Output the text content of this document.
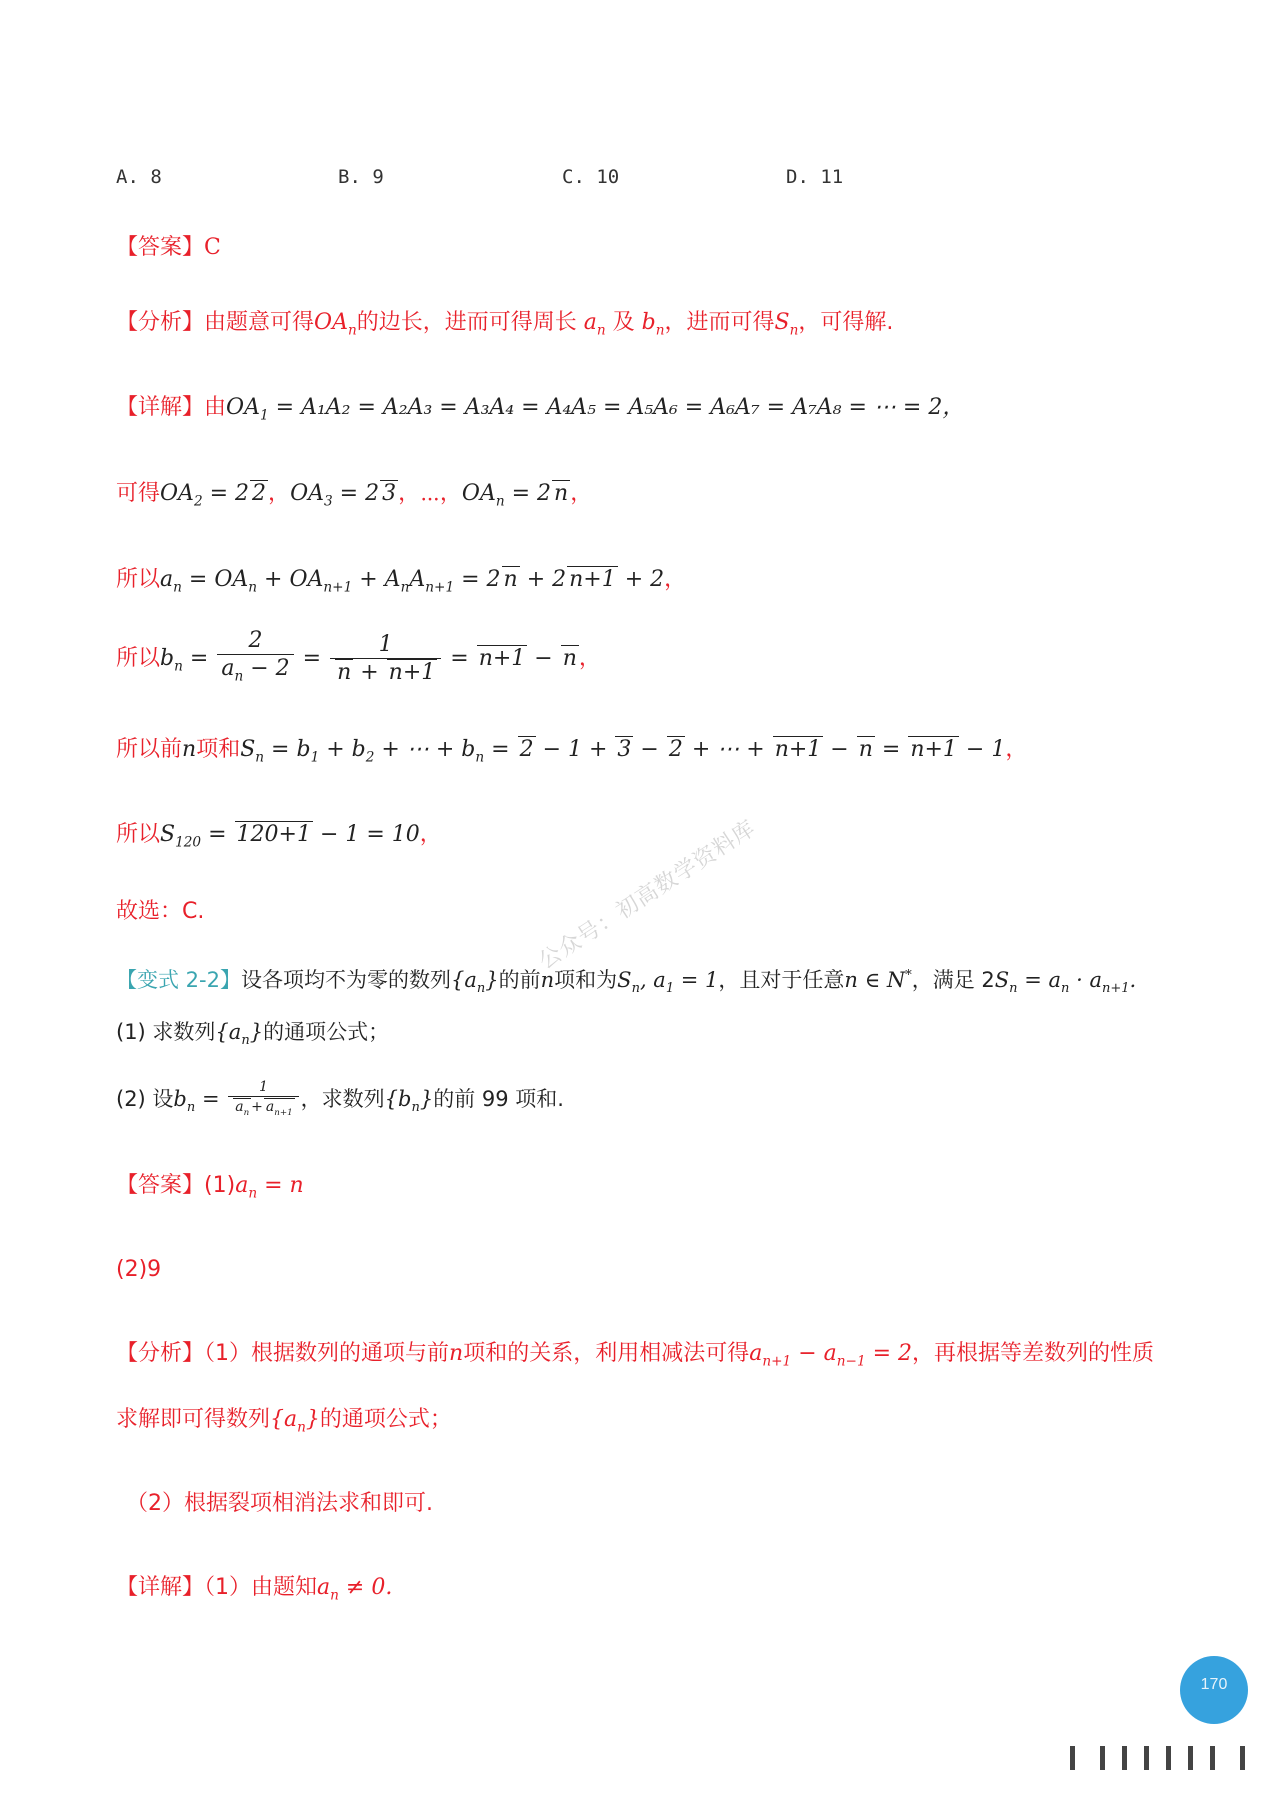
A. 8	B. 9	C. 10	D. 11
【答案】C
【分析】由题意可得$OA_n$的边长，进而可得周长 $a_n$ 及 $b_n$，进而可得$S_n$，可得解.
【详解】由$OA_1 = A_1A_2 = A_2A_3 = A_3A_4 = A_4A_5 = A_5A_6 = A_6A_7 = A_7A_8$ = ⋯ = 2，
可得$OA_2 = 2$ 2，$OA_3 = 2$ 3，⋯，$OA_n = 2$ n，
所以$a_n = OA_n + OA_{n+1} + A_nA_{n+1} = 2$ n + 2 n+1 + 2，
所以$b_n = \frac{2}{a_n - 2} = \frac{1}{n + n+1} = n+1 - n$，
所以前n项和$S_n = b_1 + b_2$ + ⋯ + $b_n = 2 - 1 + 3 - 2$ + ⋯ + n+1 − n = n+1 − 1，
所以$S_{120} = 120+1 - 1 = 10$，
故选：C.	公众号：初高数学资料库
【变式 2-2】设各项均不为零的数列$\{a_n\}$的前n项和为$S_n$, $a_1 = 1$，且对于任意n ∈ N*，满足 $2S_n = a_n \cdot a_{n+1}$.
(1) 求数列$\{a_n\}$的通项公式；
(2) 设$b_n = \frac{1}{a_n + a_{n+1}}$ ，求数列$\{b_n\}$的前 99 项和.
【答案】$(1)a_n = n$
(2)9
【分析】（1）根据数列的通项与前n项和的关系，利用相减法可得$a_{n+1} - a_{n-1} = 2$，再根据等差数列的性质
求解即可得数列$\{a_n\}$的通项公式；
（2）根据裂项相消法求和即可.
【详解】（1）由题知$a_n \ne 0$.
170
